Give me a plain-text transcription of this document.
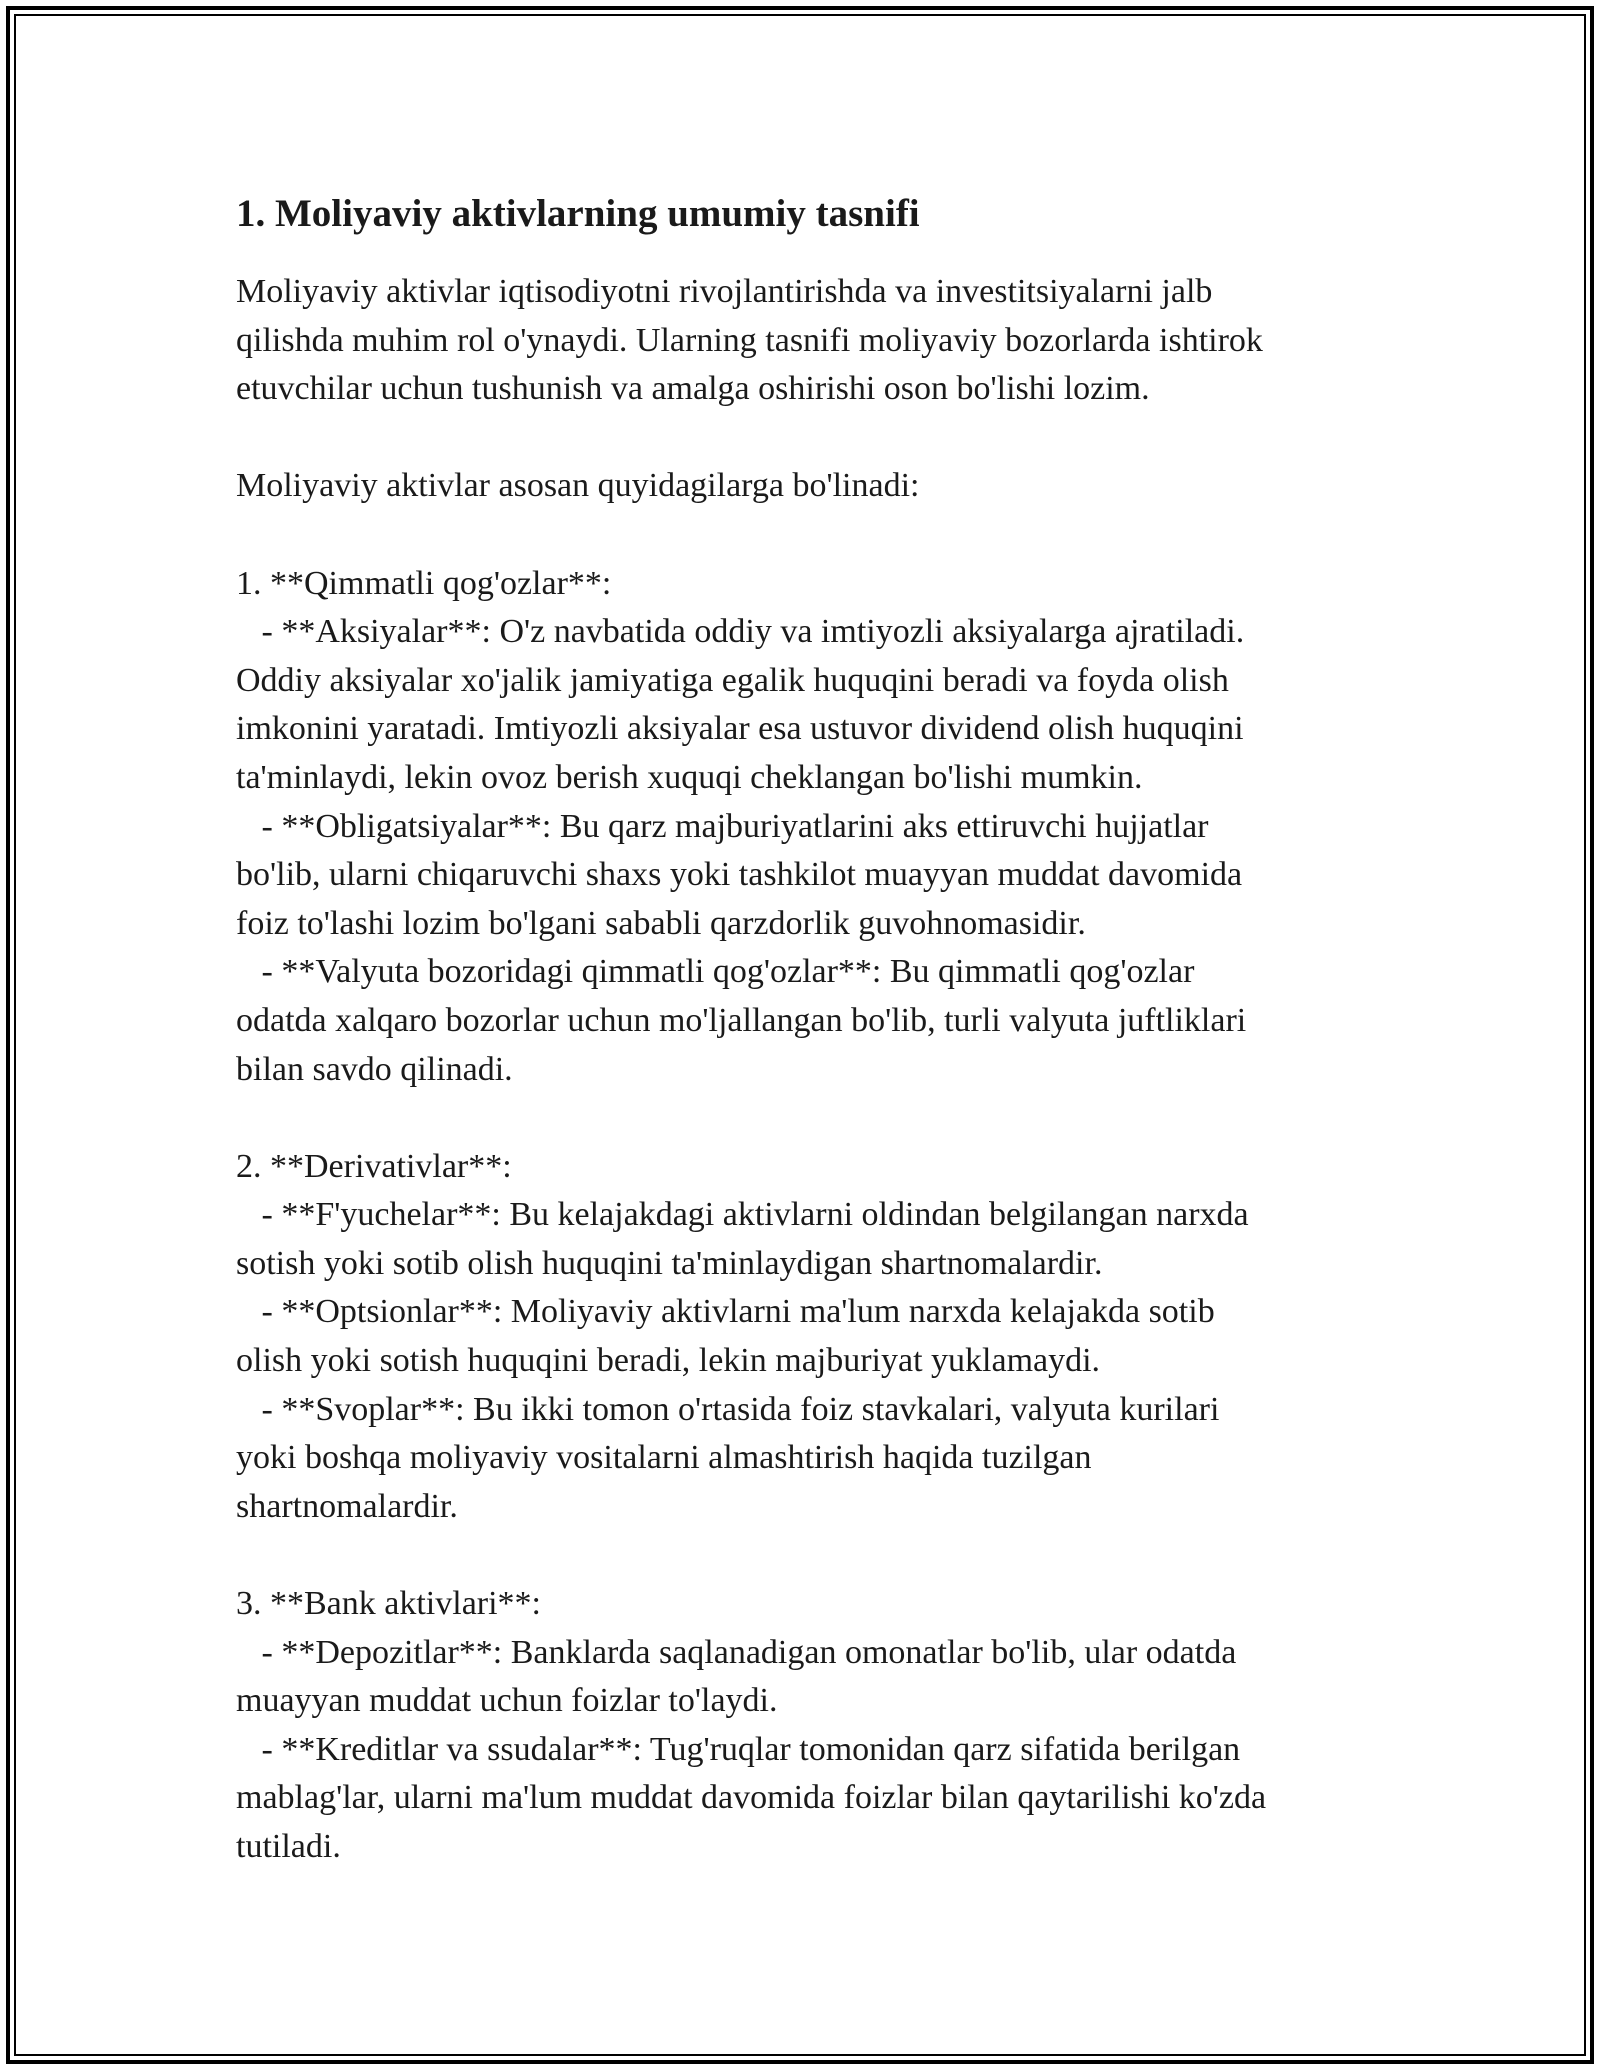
1. Moliyaviy aktivlarning umumiy tasnifi

Moliyaviy aktivlar iqtisodiyotni rivojlantirishda va investitsiyalarni jalb
qilishda muhim rol o'ynaydi. Ularning tasnifi moliyaviy bozorlarda ishtirok
etuvchilar uchun tushunish va amalga oshirishi oson bo'lishi lozim.

Moliyaviy aktivlar asosan quyidagilarga bo'linadi:

1. **Qimmatli qog'ozlar**:
- **Aksiyalar**: O'z navbatida oddiy va imtiyozli aksiyalarga ajratiladi.
Oddiy aksiyalar xo'jalik jamiyatiga egalik huquqini beradi va foyda olish
imkonini yaratadi. Imtiyozli aksiyalar esa ustuvor dividend olish huquqini
ta'minlaydi, lekin ovoz berish xuquqi cheklangan bo'lishi mumkin.
- **Obligatsiyalar**: Bu qarz majburiyatlarini aks ettiruvchi hujjatlar
bo'lib, ularni chiqaruvchi shaxs yoki tashkilot muayyan muddat davomida
foiz to'lashi lozim bo'lgani sababli qarzdorlik guvohnomasidir.
- **Valyuta bozoridagi qimmatli qog'ozlar**: Bu qimmatli qog'ozlar
odatda xalqaro bozorlar uchun mo'ljallangan bo'lib, turli valyuta juftliklari
bilan savdo qilinadi.

2. **Derivativlar**:
- **F'yuchelar**: Bu kelajakdagi aktivlarni oldindan belgilangan narxda
sotish yoki sotib olish huquqini ta'minlaydigan shartnomalardir.
- **Optsionlar**: Moliyaviy aktivlarni ma'lum narxda kelajakda sotib
olish yoki sotish huquqini beradi, lekin majburiyat yuklamaydi.
- **Svoplar**: Bu ikki tomon o'rtasida foiz stavkalari, valyuta kurilari
yoki boshqa moliyaviy vositalarni almashtirish haqida tuzilgan
shartnomalardir.

3. **Bank aktivlari**:
- **Depozitlar**: Banklarda saqlanadigan omonatlar bo'lib, ular odatda
muayyan muddat uchun foizlar to'laydi.
- **Kreditlar va ssudalar**: Tug'ruqlar tomonidan qarz sifatida berilgan
mablag'lar, ularni ma'lum muddat davomida foizlar bilan qaytarilishi ko'zda
tutiladi.
